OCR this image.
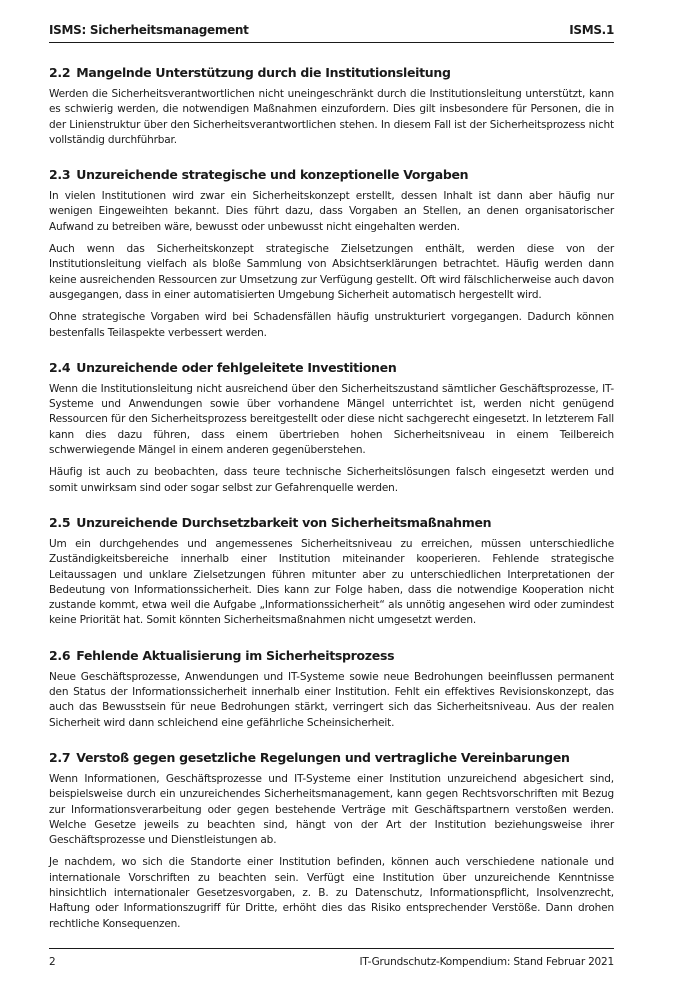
ISMS: Sicherheitsmanagement	ISMS.1
2.2 Mangelnde Unterstützung durch die Institutionsleitung

Werden die Sicherheitsverantwortlichen nicht uneingeschränkt durch die Institutionsleitung unterstützt, kann es schwierig werden, die notwendigen Maßnahmen einzufordern. Dies gilt insbesondere für Personen, die in der Linienstruktur über den Sicherheitsverantwortlichen stehen. In diesem Fall ist der Sicherheitsprozess nicht vollständig durchführbar.

2.3 Unzureichende strategische und konzeptionelle Vorgaben

In vielen Institutionen wird zwar ein Sicherheitskonzept erstellt, dessen Inhalt ist dann aber häufig nur wenigen Eingeweihten bekannt. Dies führt dazu, dass Vorgaben an Stellen, an denen organisatorischer Aufwand zu betreiben wäre, bewusst oder unbewusst nicht eingehalten werden.

Auch wenn das Sicherheitskonzept strategische Zielsetzungen enthält, werden diese von der Institutionsleitung vielfach als bloße Sammlung von Absichtserklärungen betrachtet. Häufig werden dann keine ausreichenden Ressourcen zur Umsetzung zur Verfügung gestellt. Oft wird fälschlicherweise auch davon ausgegangen, dass in einer automatisierten Umgebung Sicherheit automatisch hergestellt wird.

Ohne strategische Vorgaben wird bei Schadensfällen häufig unstrukturiert vorgegangen. Dadurch können bestenfalls Teilaspekte verbessert werden.

2.4 Unzureichende oder fehlgeleitete Investitionen

Wenn die Institutionsleitung nicht ausreichend über den Sicherheitszustand sämtlicher Geschäftsprozesse, IT-Systeme und Anwendungen sowie über vorhandene Mängel unterrichtet ist, werden nicht genügend Ressourcen für den Sicherheitsprozess bereitgestellt oder diese nicht sachgerecht eingesetzt. In letzterem Fall kann dies dazu führen, dass einem übertrieben hohen Sicherheitsniveau in einem Teilbereich schwerwiegende Mängel in einem anderen gegenüberstehen.

Häufig ist auch zu beobachten, dass teure technische Sicherheitslösungen falsch eingesetzt werden und somit unwirksam sind oder sogar selbst zur Gefahrenquelle werden.

2.5 Unzureichende Durchsetzbarkeit von Sicherheitsmaßnahmen

Um ein durchgehendes und angemessenes Sicherheitsniveau zu erreichen, müssen unterschiedliche Zuständigkeitsbereiche innerhalb einer Institution miteinander kooperieren. Fehlende strategische Leitaussagen und unklare Zielsetzungen führen mitunter aber zu unterschiedlichen Interpretationen der Bedeutung von Informationssicherheit. Dies kann zur Folge haben, dass die notwendige Kooperation nicht zustande kommt, etwa weil die Aufgabe „Informationssicherheit“ als unnötig angesehen wird oder zumindest keine Priorität hat. Somit könnten Sicherheitsmaßnahmen nicht umgesetzt werden.

2.6 Fehlende Aktualisierung im Sicherheitsprozess

Neue Geschäftsprozesse, Anwendungen und IT-Systeme sowie neue Bedrohungen beeinflussen permanent den Status der Informationssicherheit innerhalb einer Institution. Fehlt ein effektives Revisionskonzept, das auch das Bewusstsein für neue Bedrohungen stärkt, verringert sich das Sicherheitsniveau. Aus der realen Sicherheit wird dann schleichend eine gefährliche Scheinsicherheit.

2.7 Verstoß gegen gesetzliche Regelungen und vertragliche Vereinbarungen

Wenn Informationen, Geschäftsprozesse und IT-Systeme einer Institution unzureichend abgesichert sind, beispielsweise durch ein unzureichendes Sicherheitsmanagement, kann gegen Rechtsvorschriften mit Bezug zur Informationsverarbeitung oder gegen bestehende Verträge mit Geschäftspartnern verstoßen werden. Welche Gesetze jeweils zu beachten sind, hängt von der Art der Institution beziehungsweise ihrer Geschäftsprozesse und Dienstleistungen ab.

Je nachdem, wo sich die Standorte einer Institution befinden, können auch verschiedene nationale und internationale Vorschriften zu beachten sein. Verfügt eine Institution über unzureichende Kenntnisse hinsichtlich internationaler Gesetzesvorgaben, z. B. zu Datenschutz, Informationspflicht, Insolvenzrecht, Haftung oder Informationszugriff für Dritte, erhöht dies das Risiko entsprechender Verstöße. Dann drohen rechtliche Konsequenzen.

2	IT-Grundschutz-Kompendium: Stand Februar 2021
